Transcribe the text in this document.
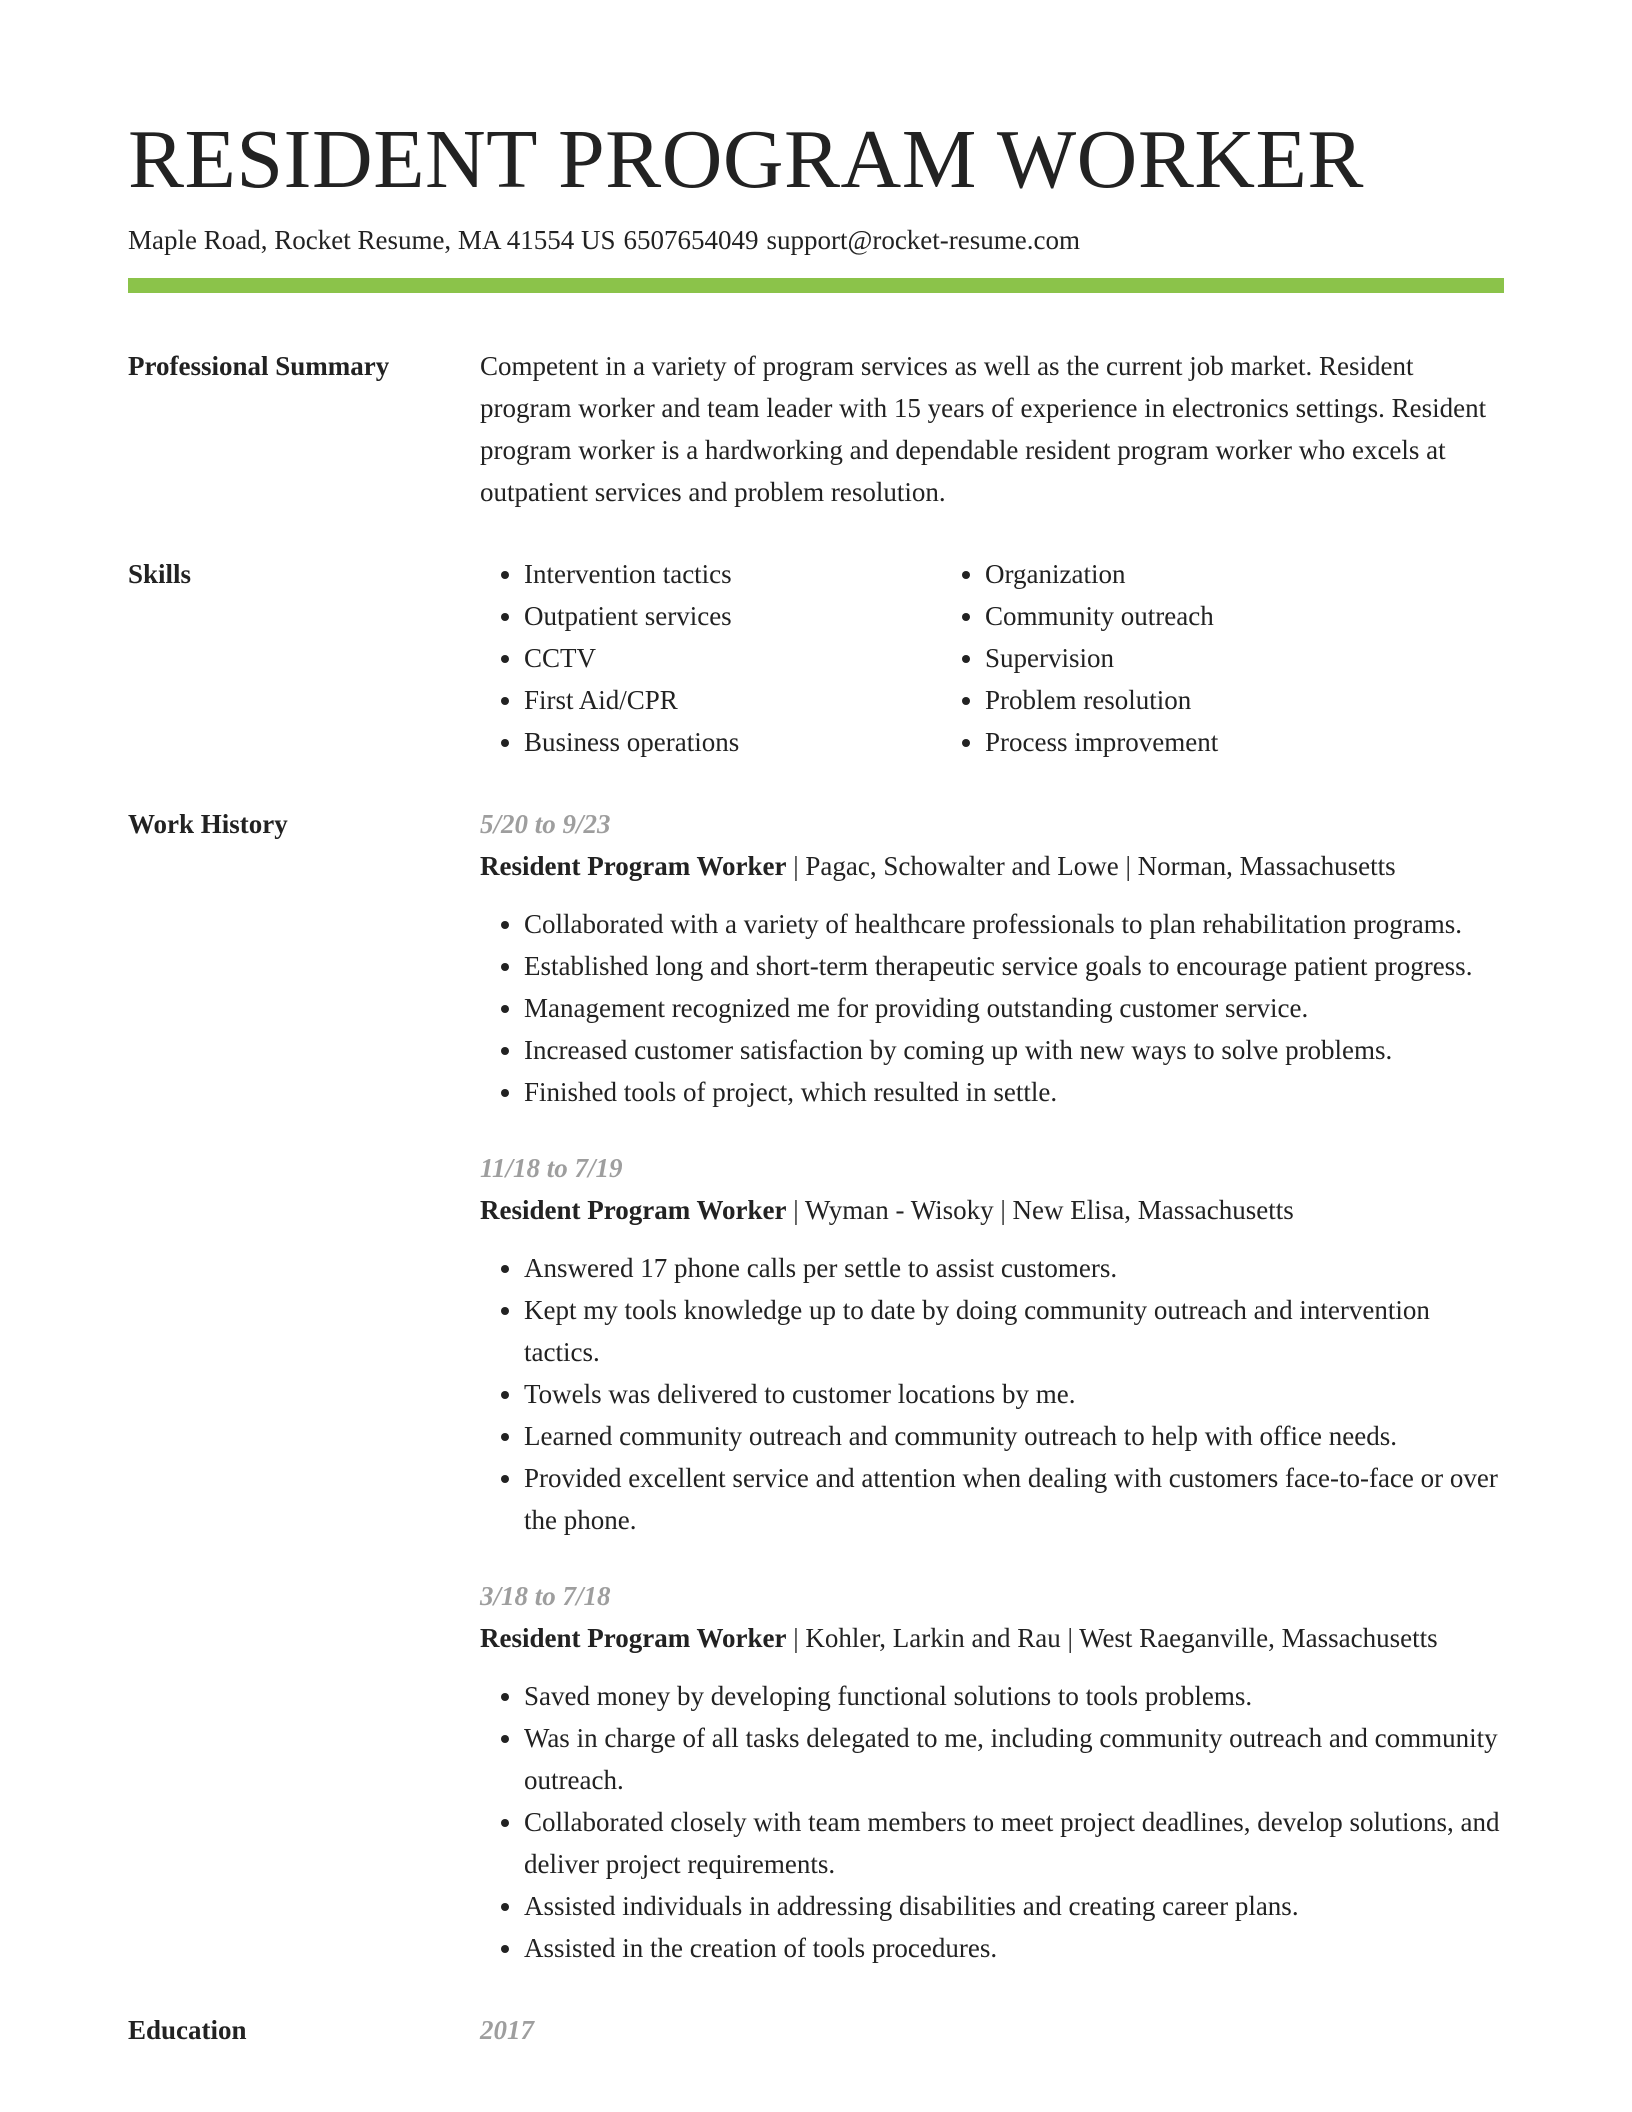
RESIDENT PROGRAM WORKER
Maple Road, Rocket Resume, MA 41554 US 6507654049 support@rocket-resume.com
Professional Summary	Competent in a variety of program services as well as the current job market. Resident program worker and team leader with 15 years of experience in electronics settings. Resident program worker is a hardworking and dependable resident program worker who excels at outpatient services and problem resolution.

Skills
•	Intervention tactics
• Outpatient services
• CCTV
• First Aid/CPR
• Business operations
• Organization
• Community outreach
• Supervision
• Problem resolution
• Process improvement
Work History	5/20 to 9/23
Resident Program Worker | Pagac, Schowalter and Lowe | Norman, Massachusetts
• Collaborated with a variety of healthcare professionals to plan rehabilitation programs.
• Established long and short-term therapeutic service goals to encourage patient progress.
• Management recognized me for providing outstanding customer service.
• Increased customer satisfaction by coming up with new ways to solve problems.
• Finished tools of project, which resulted in settle.
11/18 to 7/19
Resident Program Worker | Wyman - Wisoky | New Elisa, Massachusetts
• Answered 17 phone calls per settle to assist customers.
• Kept my tools knowledge up to date by doing community outreach and intervention tactics.
• Towels was delivered to customer locations by me.
• Learned community outreach and community outreach to help with office needs.
• Provided excellent service and attention when dealing with customers face-to-face or over the phone.
3/18 to 7/18
Resident Program Worker | Kohler, Larkin and Rau | West Raeganville, Massachusetts
• Saved money by developing functional solutions to tools problems.
• Was in charge of all tasks delegated to me, including community outreach and community outreach.
• Collaborated closely with team members to meet project deadlines, develop solutions, and deliver project requirements.
• Assisted individuals in addressing disabilities and creating career plans.
• Assisted in the creation of tools procedures.
Education	2017
